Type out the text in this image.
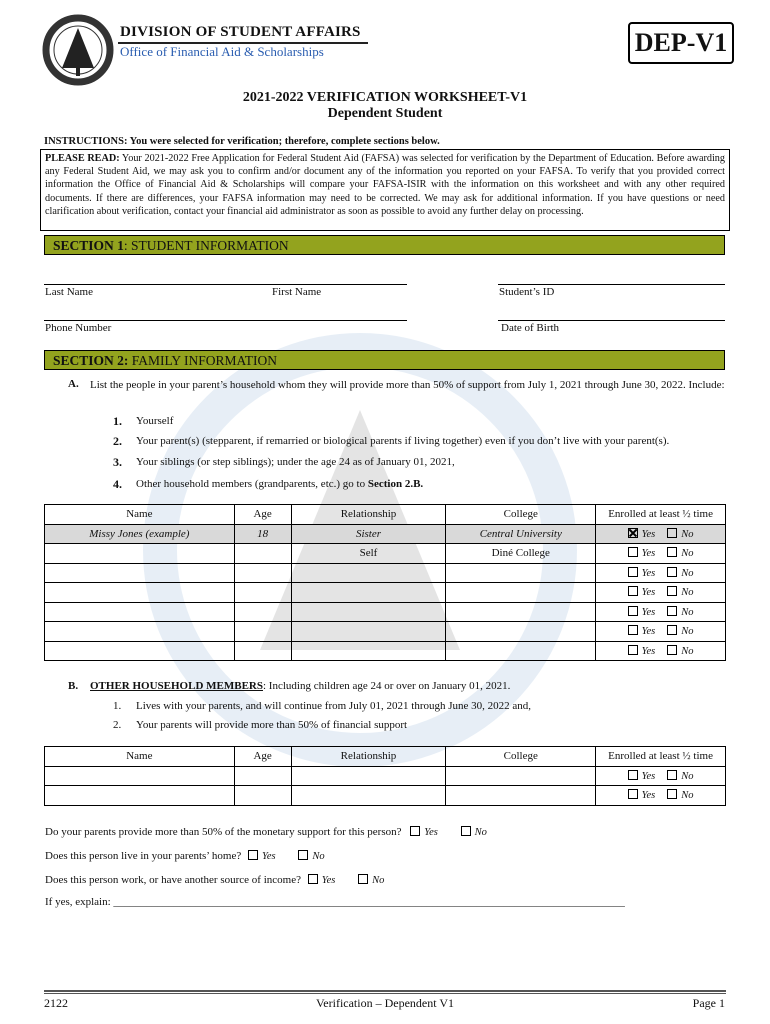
DIVISION OF STUDENT AFFAIRS
Office of Financial Aid & Scholarships	DEP-V1
2021-2022 VERIFICATION WORKSHEET-V1
Dependent Student
INSTRUCTIONS: You were selected for verification; therefore, complete sections below.
PLEASE READ: Your 2021-2022 Free Application for Federal Student Aid (FAFSA) was selected for verification by the Department of Education. Before awarding any Federal Student Aid, we may ask you to confirm and/or document any of the information you reported on your FAFSA. To verify that you provided correct information the Office of Financial Aid & Scholarships will compare your FAFSA-ISIR with the information on this worksheet and with any other required documents. If there are differences, your FAFSA information may need to be corrected. We may ask for additional information. If you have questions or need clarification about verification, contact your financial aid administrator as soon as possible to avoid any further delay on processing.
SECTION 1: STUDENT INFORMATION
Last Name	First Name	Student’s ID
Phone Number	Date of Birth
SECTION 2: FAMILY INFORMATION
A. List the people in your parent’s household whom they will provide more than 50% of support from July 1, 2021 through June 30, 2022. Include:
1. Yourself
2. Your parent(s) (stepparent, if remarried or biological parents if living together) even if you don’t live with your parent(s).
3. Your siblings (or step siblings); under the age 24 as of January 01, 2021,
4. Other household members (grandparents, etc.) go to Section 2.B.
Name	Age	Relationship	College	Enrolled at least ½ time
Missy Jones (example)	18	Sister	Central University	Yes No
		Self	Diné College	Yes No
				Yes No
				Yes No
				Yes No
				Yes No
				Yes No
B. OTHER HOUSEHOLD MEMBERS: Including children age 24 or over on January 01, 2021.
1. Lives with your parents, and will continue from July 01, 2021 through June 30, 2022 and,
2. Your parents will provide more than 50% of financial support
Name	Age	Relationship	College	Enrolled at least ½ time
				Yes No
				Yes No
Do your parents provide more than 50% of the monetary support for this person? Yes	No
Does this person live in your parents’ home? Yes	No
Does this person work, or have another source of income? Yes	No
If yes, explain: _____________________________________________________________________________________________
2122	Verification – Dependent V1	Page 1
